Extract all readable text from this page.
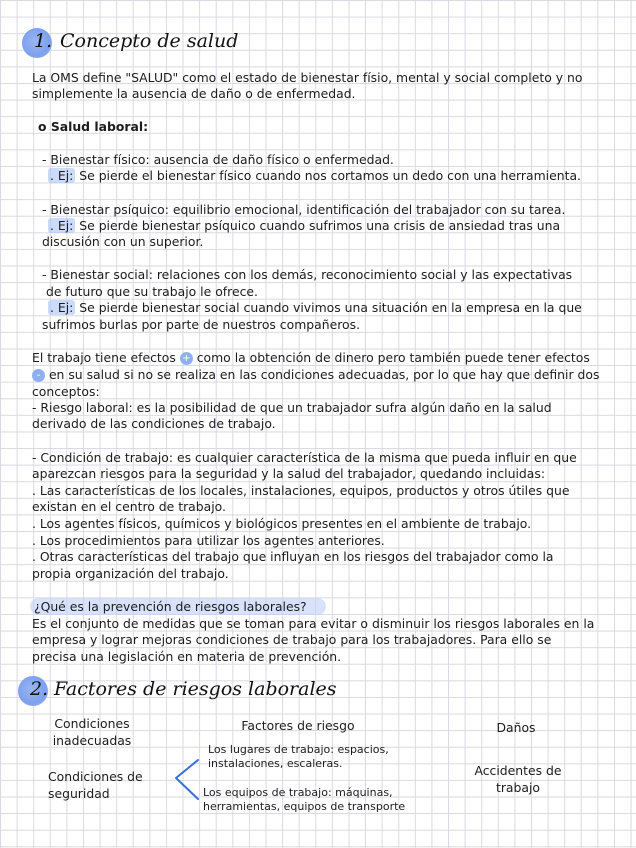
1. Concepto de salud
La OMS define "SALUD" como el estado de bienestar físio, mental y social completo y no
simplemente la ausencia de daño o de enfermedad.
o Salud laboral:
- Bienestar físico: ausencia de daño físico o enfermedad.
. Ej: Se pierde el bienestar físico cuando nos cortamos un dedo con una herramienta.
- Bienestar psíquico: equilibrio emocional, identificación del trabajador con su tarea.
. Ej: Se pierde bienestar psíquico cuando sufrimos una crisis de ansiedad tras una
discusión con un superior.
- Bienestar social: relaciones con los demás, reconocimiento social y las expectativas
de futuro que su trabajo le ofrece.
. Ej: Se pierde bienestar social cuando vivimos una situación en la empresa en la que
sufrimos burlas por parte de nuestros compañeros.
El trabajo tiene efectos + como la obtención de dinero pero también puede tener efectos
- en su salud si no se realiza en las condiciones adecuadas, por lo que hay que definir dos
conceptos:
- Riesgo laboral: es la posibilidad de que un trabajador sufra algún daño en la salud
derivado de las condiciones de trabajo.
- Condición de trabajo: es cualquier característica de la misma que pueda influir en que
aparezcan riesgos para la seguridad y la salud del trabajador, quedando incluidas:
. Las características de los locales, instalaciones, equipos, productos y otros útiles que
existan en el centro de trabajo.
. Los agentes físicos, químicos y biológicos presentes en el ambiente de trabajo.
. Los procedimientos para utilizar los agentes anteriores.
. Otras características del trabajo que influyan en los riesgos del trabajador como la
propia organización del trabajo.
¿Qué es la prevención de riesgos laborales?
Es el conjunto de medidas que se toman para evitar o disminuir los riesgos laborales en la
empresa y lograr mejoras condiciones de trabajo para los trabajadores. Para ello se
precisa una legislación en materia de prevención.
2. Factores de riesgos laborales
Condiciones
inadecuadas
Factores de riesgo	Daños
Condiciones de
seguridad
Los lugares de trabajo: espacios,
instalaciones, escaleras.
Los equipos de trabajo: máquinas,
herramientas, equipos de transporte
Accidentes de
trabajo
